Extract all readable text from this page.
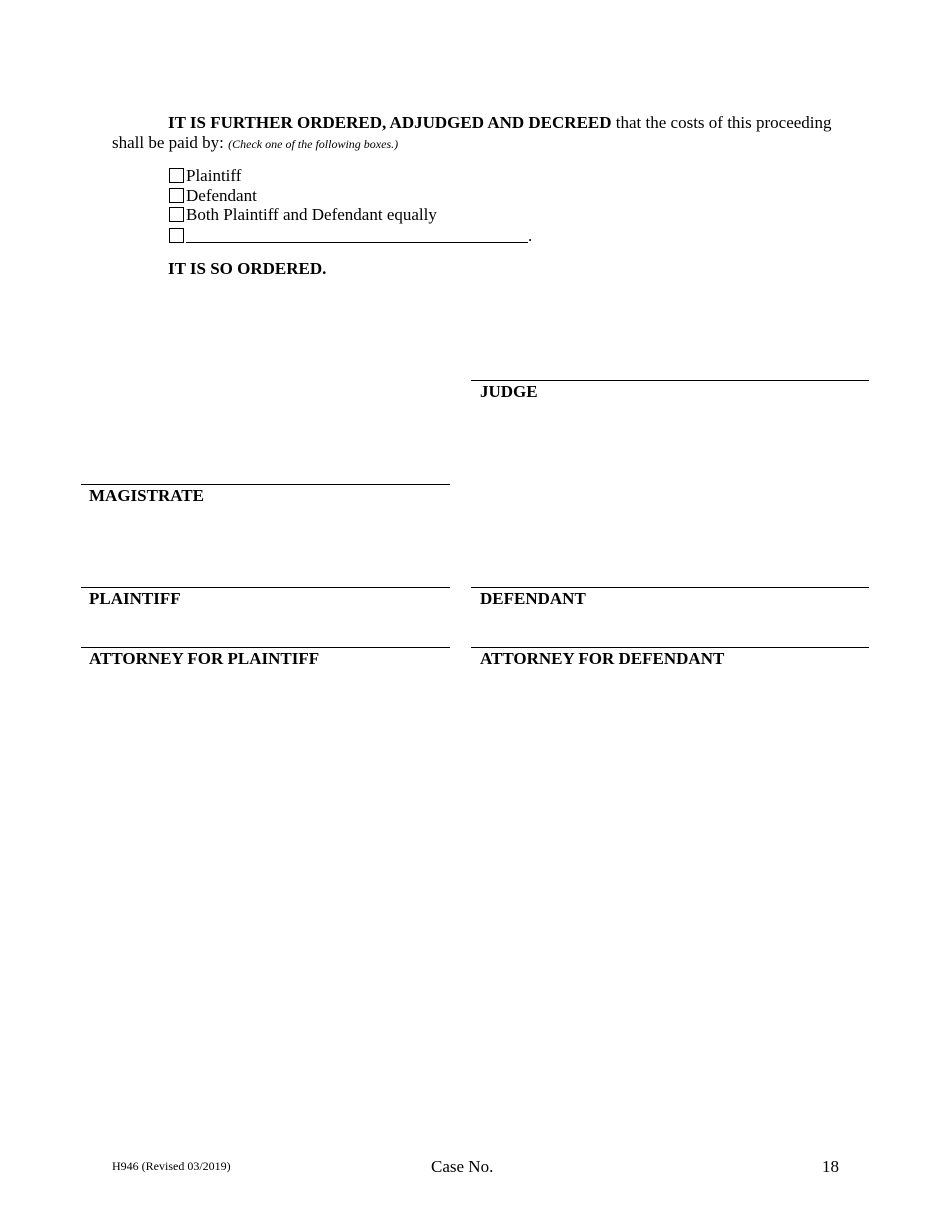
IT IS FURTHER ORDERED, ADJUDGED AND DECREED that the costs of this proceeding shall be paid by: (Check one of the following boxes.)
Plaintiff
Defendant
Both Plaintiff and Defendant equally
.
IT IS SO ORDERED.
JUDGE
MAGISTRATE
PLAINTIFF	DEFENDANT
ATTORNEY FOR PLAINTIFF	ATTORNEY FOR DEFENDANT
H946 (Revised 03/2019)	Case No.	18
